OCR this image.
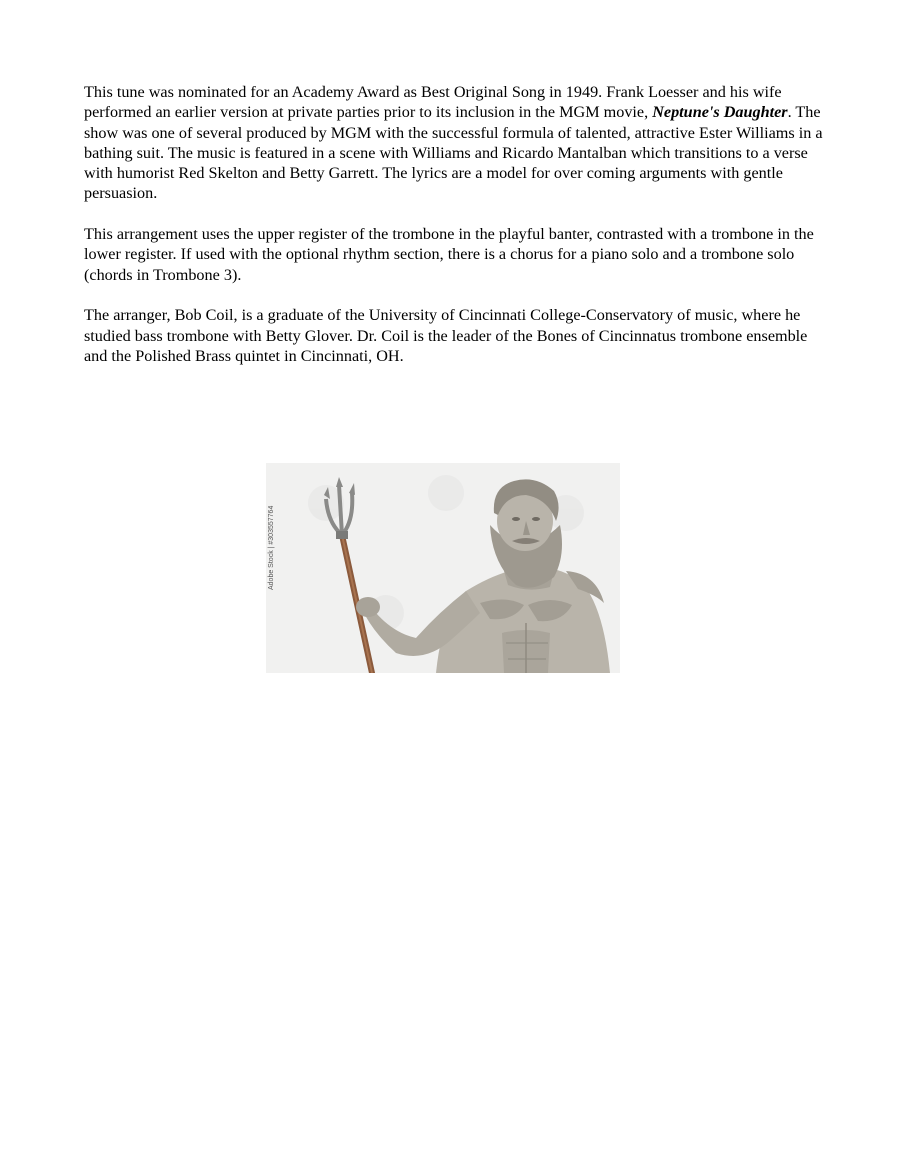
This tune was nominated for an Academy Award as Best Original Song in 1949. Frank Loesser and his wife performed an earlier version at private parties prior to its inclusion in the MGM movie, Neptune's Daughter. The show was one of several produced by MGM with the successful formula of talented, attractive Ester Williams in a bathing suit. The music is featured in a scene with Williams and Ricardo Mantalban which transitions to a verse with humorist Red Skelton and Betty Garrett. The lyrics are a model for over coming arguments with gentle persuasion.

This arrangement uses the upper register of the trombone in the playful banter, contrasted with a trombone in the lower register. If used with the optional rhythm section, there is a chorus for a piano solo and a trombone solo (chords in Trombone 3).

The arranger, Bob Coil, is a graduate of the University of Cincinnati College-Conservatory of music, where he studied bass trombone with Betty Glover. Dr. Coil is the leader of the Bones of Cincinnatus trombone ensemble and the Polished Brass quintet in Cincinnati, OH.

Adobe Stock | #303557764
